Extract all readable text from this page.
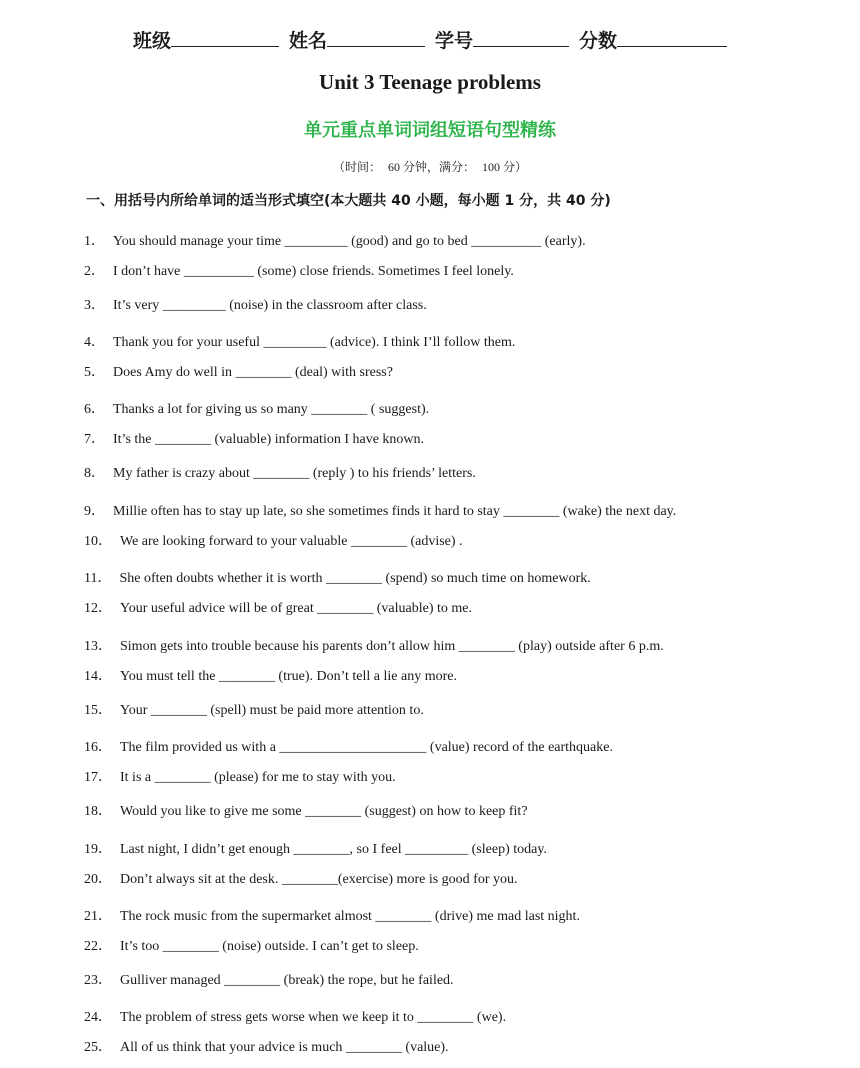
班级	姓名	学号	分数
Unit 3 Teenage problems
单元重点单词词组短语句型精练
（时间： 60 分钟，满分： 100 分）
一、用括号内所给单词的适当形式填空(本大题共 40 小题，每小题 1 分，共 40 分)
1． You should manage your time _________ (good) and go to bed __________ (early).
2． I don’t have __________ (some) close friends. Sometimes I feel lonely.
3． It’s very _________ (noise) in the classroom after class.
4． Thank you for your useful _________ (advice). I think I’ll follow them.
5． Does Amy do well in ________ (deal) with sress?
6． Thanks a lot for giving us so many ________ ( suggest).
7． It’s the ________ (valuable) information I have known.
8． My father is crazy about ________ (reply ) to his friends’ letters.
9． Millie often has to stay up late, so she sometimes finds it hard to stay ________ (wake) the next day.
10． We are looking forward to your valuable ________ (advise) .
11． She often doubts whether it is worth ________ (spend) so much time on homework.
12． Your useful advice will be of great ________ (valuable) to me.
13． Simon gets into trouble because his parents don’t allow him ________ (play) outside after 6 p.m.
14． You must tell the ________ (true). Don’t tell a lie any more.
15． Your ________ (spell) must be paid more attention to.
16． The film provided us with a _____________________ (value) record of the earthquake.
17． It is a ________ (please) for me to stay with you.
18． Would you like to give me some ________ (suggest) on how to keep fit?
19． Last night, I didn’t get enough ________, so I feel _________ (sleep) today.
20． Don’t always sit at the desk. ________(exercise) more is good for you.
21． The rock music from the supermarket almost ________ (drive) me mad last night.
22． It’s too ________ (noise) outside. I can’t get to sleep.
23． Gulliver managed ________ (break) the rope, but he failed.
24． The problem of stress gets worse when we keep it to ________ (we).
25． All of us think that your advice is much ________ (value).
